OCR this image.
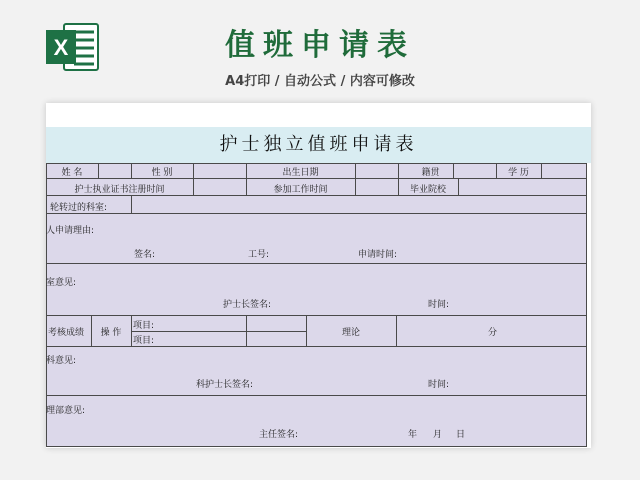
X	值班申请表
A4打印 / 自动公式 / 内容可修改
护士独立值班申请表
姓 名	性 别	出生日期	籍贯	学 历
护士执业证书注册时间	参加工作时间	毕业院校
轮转过的科室:
人申请理由:
签名:	工号:	申请时间:
室意见:
护士长签名:	时间:
考核成绩	操 作
项目:
项目:
理论	分
科意见:
科护士长签名:	时间:
理部意见:
主任签名:	年 月 日
